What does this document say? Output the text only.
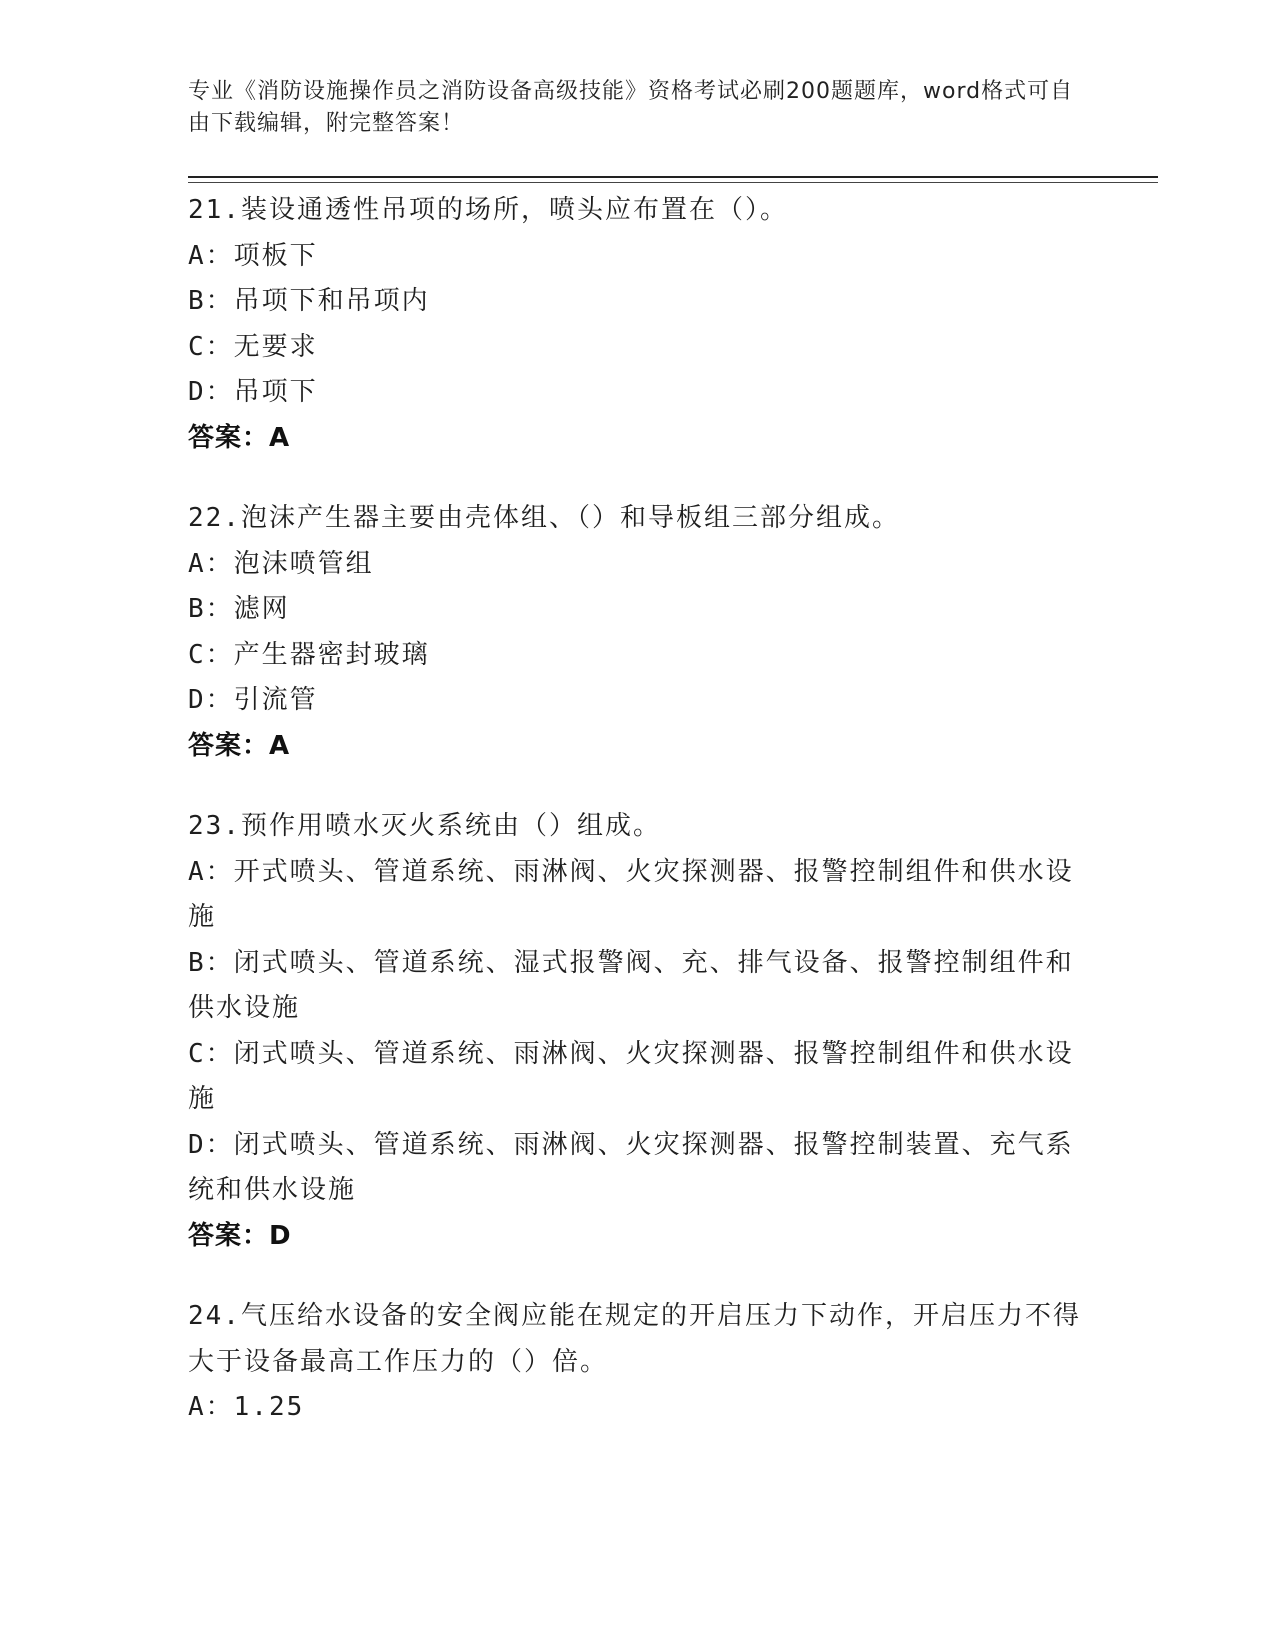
专业《消防设施操作员之消防设备高级技能》资格考试必刷200题题库，word格式可自由下载编辑，附完整答案！
21.装设通透性吊项的场所，喷头应布置在（）。
A： 项板下
B： 吊项下和吊项内
C： 无要求
D： 吊项下
答案：A
22.泡沫产生器主要由壳体组、（）和导板组三部分组成。
A： 泡沫喷管组
B： 滤网
C： 产生器密封玻璃
D： 引流管
答案：A
23.预作用喷水灭火系统由（）组成。
A：开式喷头、管道系统、雨淋阀、火灾探测器、报警控制组件和供水设施
B：闭式喷头、管道系统、湿式报警阀、充、排气设备、报警控制组件和供水设施
C：闭式喷头、管道系统、雨淋阀、火灾探测器、报警控制组件和供水设施
D：闭式喷头、管道系统、雨淋阀、火灾探测器、报警控制装置、充气系统和供水设施
答案：D
24.气压给水设备的安全阀应能在规定的开启压力下动作，开启压力不得大于设备最高工作压力的（）倍。
A： 1.25
